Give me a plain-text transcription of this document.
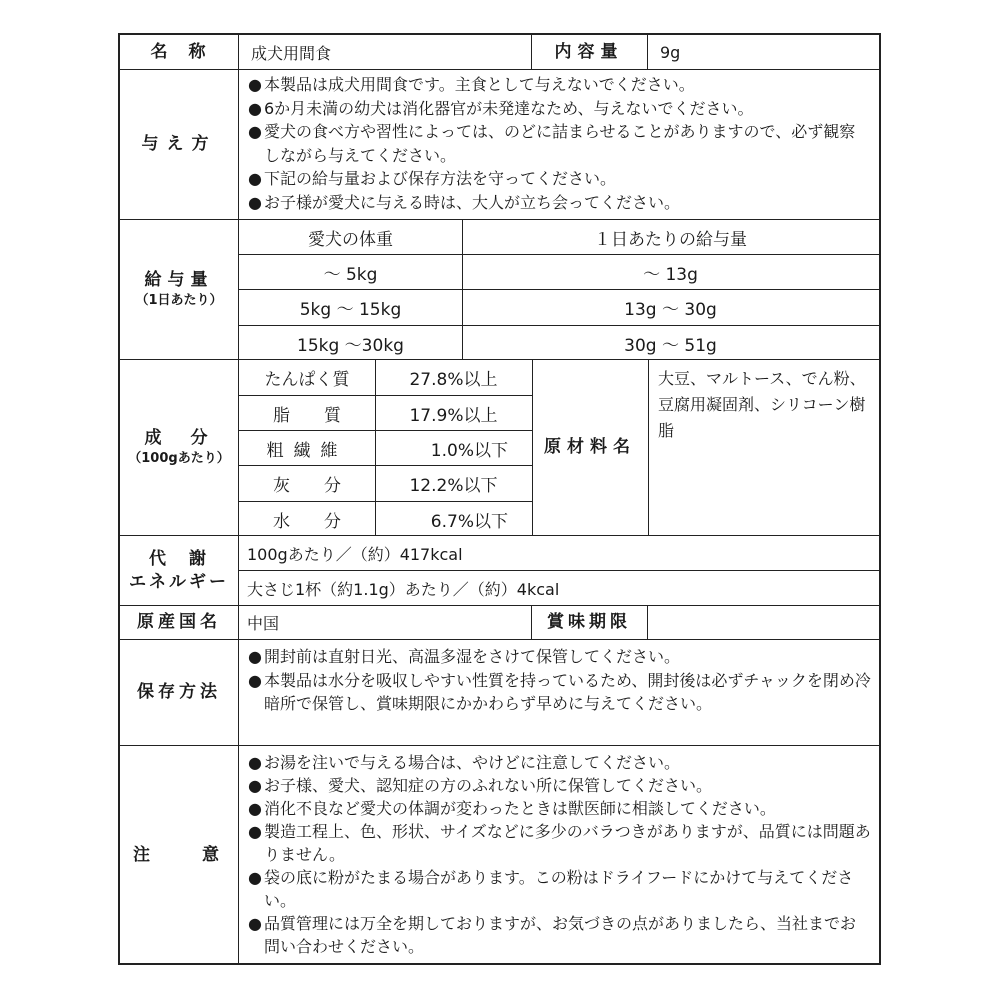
名　称	成犬用間食	内容量	9g
与え方
● 本製品は成犬用間食です。主食として与えないでください。
● 6か月未満の幼犬は消化器官が未発達なため、与えないでください。
● 愛犬の食べ方や習性によっては、のどに詰まらせることがありますので、必ず観察しながら与えてください。
● 下記の給与量および保存方法を守ってください。
● お子様が愛犬に与える時は、大人が立ち会ってください。
給与量
（1日あたり）
愛犬の体重	１日あたりの給与量
～ 5kg	～ 13g
5kg ～ 15kg	13g ～ 30g
15kg ～30kg	30g ～ 51g
成　分
（100gあたり）
たんぱく質	27.8%以上
脂　　質	17.9%以上
粗繊維	1.0%以下
灰　　分	12.2%以下
水　　分	6.7%以下
原材料名
大豆、マルトース、でん粉、豆腐用凝固剤、シリコーン樹脂
代　謝
エネルギー
100gあたり／（約）417kcal
大さじ1杯（約1.1g）あたり／（約）4kcal
原産国名	中国	賞味期限
保存方法
● 開封前は直射日光、高温多湿をさけて保管してください。
● 本製品は水分を吸収しやすい性質を持っているため、開封後は必ずチャックを閉め冷暗所で保管し、賞味期限にかかわらず早めに与えてください。
注　　意
● お湯を注いで与える場合は、やけどに注意してください。
● お子様、愛犬、認知症の方のふれない所に保管してください。
● 消化不良など愛犬の体調が変わったときは獣医師に相談してください。
● 製造工程上、色、形状、サイズなどに多少のバラつきがありますが、品質には問題ありません。
● 袋の底に粉がたまる場合があります。この粉はドライフードにかけて与えてください。
● 品質管理には万全を期しておりますが、お気づきの点がありましたら、当社までお問い合わせください。
